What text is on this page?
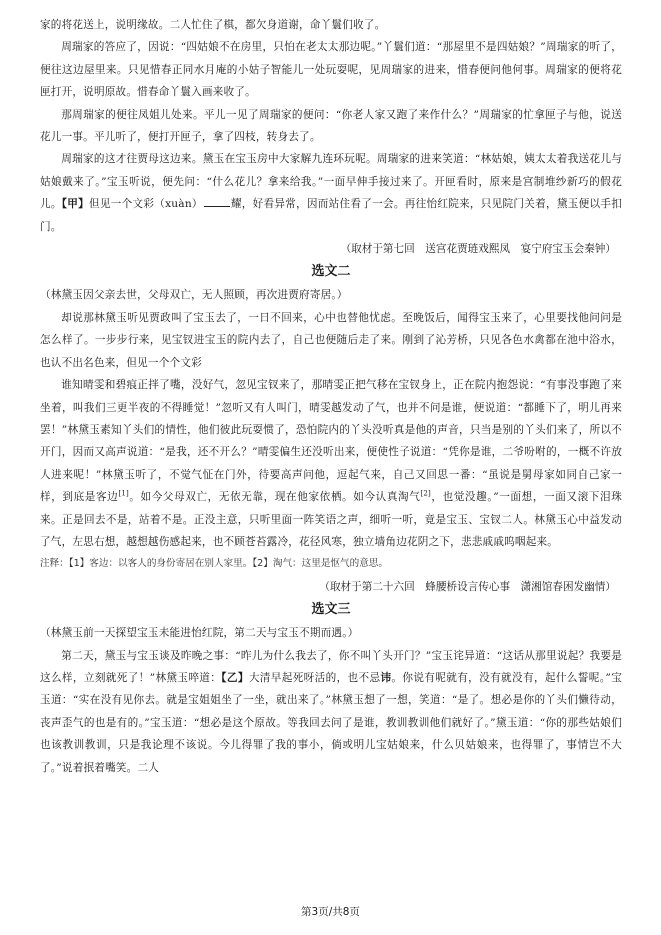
家的将花送上，说明缘故。二人忙住了棋，都欠身道谢，命丫鬟们收了。

周瑞家的答应了，因说：“四姑娘不在房里，只怕在老太太那边呢。”丫鬟们道：“那屋里不是四姑娘？”周瑞家的听了，便往这边屋里来。只见惜春正同水月庵的小姑子智能儿一处玩耍呢，见周瑞家的进来，惜春便问他何事。周瑞家的便将花匣打开，说明原故。惜春命丫鬟入画来收了。

那周瑞家的便往凤姐儿处来。平儿一见了周瑞家的便问：“你老人家又跑了来作什么？”周瑞家的忙拿匣子与他，说送花儿一事。平儿听了，便打开匣子，拿了四枝，转身去了。

周瑞家的这才往贾母这边来。黛玉在宝玉房中大家解九连环玩呢。周瑞家的进来笑道：“林姑娘，姨太太着我送花儿与姑娘戴来了。”宝玉听说，便先问：“什么花儿？拿来给我。”一面早伸手接过来了。开匣看时，原来是宫制堆纱新巧的假花儿。【甲】但见一个文彩（xuàn）	耀，好看异常，因而站住看了一会。再往怡红院来，只见院门关着，黛玉便以手扣门。

（取材于第七回　送宫花贾琏戏熙凤　宴宁府宝玉会秦钟）

选文二

（林黛玉因父亲去世，父母双亡，无人照顾，再次进贾府寄居。）

却说那林黛玉听见贾政叫了宝玉去了，一日不回来，心中也替他忧虑。至晚饭后，闻得宝玉来了，心里要找他问问是怎么样了。一步步行来，见宝钗进宝玉的院内去了，自己也便随后走了来。刚到了沁芳桥，只见各色水禽都在池中浴水，也认不出名色来，但见一个个文彩

谁知晴雯和碧痕正拌了嘴，没好气，忽见宝钗来了，那晴雯正把气移在宝钗身上，正在院内抱怨说：“有事没事跑了来坐着，叫我们三更半夜的不得睡觉！”忽听又有人叫门，晴雯越发动了气，也并不问是谁，便说道：“都睡下了，明儿再来罢！”林黛玉素知丫头们的情性，他们彼此玩耍惯了，恐怕院内的丫头没听真是他的声音，只当是别的丫头们来了，所以不开门，因而又高声说道：“是我，还不开么？”晴雯偏生还没听出来，便使性子说道：“凭你是谁，二爷吩咐的，一概不许放人进来呢！”林黛玉听了，不觉气怔在门外，待要高声问他，逗起气来，自己又回思一番：“虽说是舅母家如同自己家一样，到底是客边[1]。如今父母双亡，无依无靠，现在他家依栖。如今认真淘气[2]，也觉没趣。”一面想，一面又滚下泪珠来。正是回去不是，站着不是。正没主意，只听里面一阵笑语之声，细听一听，竟是宝玉、宝钗二人。林黛玉心中益发动了气，左思右想，越想越伤感起来，也不顾苍苔露冷，花径风寒，独立墙角边花阴之下，悲悲戚戚呜咽起来。

注释：【1】客边：以客人的身份寄居在别人家里。【2】淘气：这里是怄气的意思。

（取材于第二十六回　蜂腰桥设言传心事　潇湘馆春困发幽情）

选文三

（林黛玉前一天探望宝玉未能进怡红院，第二天与宝玉不期而遇。）

第二天，黛玉与宝玉谈及昨晚之事：“昨儿为什么我去了，你不叫丫头开门？”宝玉诧异道：“这话从那里说起？我要是这么样，立刻就死了！”林黛玉啐道：【乙】大清早起死呀活的，也不忌讳。你说有呢就有，没有就没有，起什么誓呢。”宝玉道：“实在没有见你去。就是宝姐姐坐了一坐，就出来了。”林黛玉想了一想，笑道：“是了。想必是你的丫头们懒待动，丧声歪气的也是有的。”宝玉道：“想必是这个原故。等我回去问了是谁，教训教训他们就好了。”黛玉道：“你的那些姑娘们也该教训教训，只是我论理不该说。今儿得罪了我的事小，倘或明儿宝姑娘来，什么贝姑娘来，也得罪了，事情岂不大了。”说着抿着嘴笑。二人

第3页/共8页
